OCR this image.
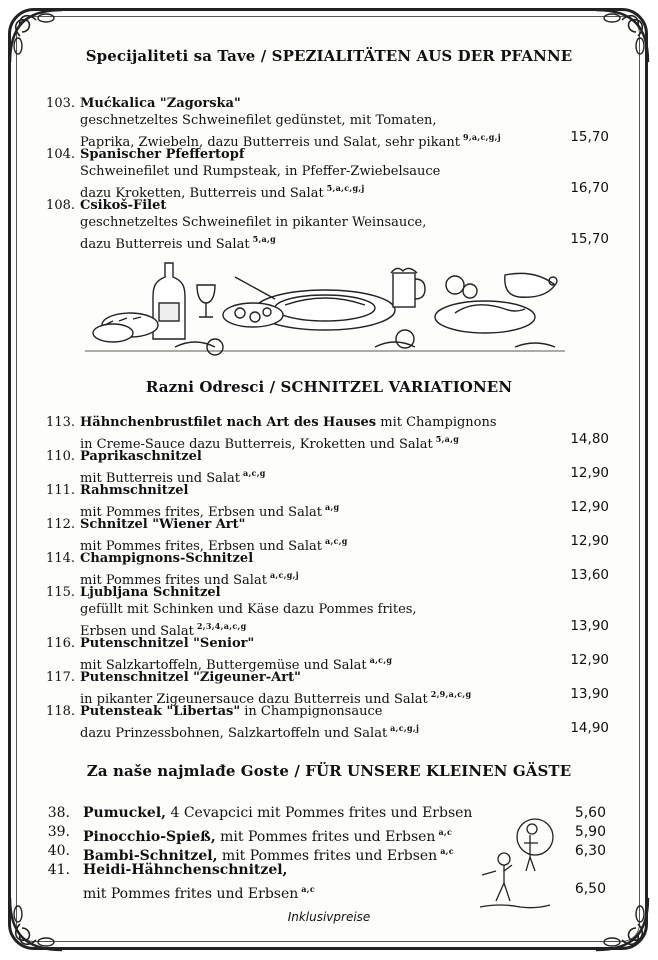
Specijaliteti sa Tave / SPEZIALITÄTEN AUS DER PFANNE
103. Mućkalica "Zagorska"
geschnetzeltes Schweinefilet gedünstet, mit Tomaten,
Paprika, Zwiebeln, dazu Butterreis und Salat, sehr pikant $^{9,a,c,g,j}$	15,70
104. Spanischer Pfeffertopf
Schweinefilet und Rumpsteak, in Pfeffer-Zwiebelsauce
dazu Kroketten, Butterreis und Salat $^{5,a,c,g,j}$	16,70
108. Csikoš-Filet
geschnetzeltes Schweinefilet in pikanter Weinsauce,
dazu Butterreis und Salat $^{5,a,g}$	15,70
Razni Odresci / SCHNITZEL VARIATIONEN
113. Hähnchenbrustfilet nach Art des Hauses mit Champignons
in Creme-Sauce dazu Butterreis, Kroketten und Salat $^{5,a,g}$	14,80
110. Paprikaschnitzel
mit Butterreis und Salat $^{a,c,g}$	12,90
111. Rahmschnitzel
mit Pommes frites, Erbsen und Salat $^{a,g}$	12,90
112. Schnitzel "Wiener Art"
mit Pommes frites, Erbsen und Salat $^{a,c,g}$	12,90
114. Champignons-Schnitzel
mit Pommes frites und Salat $^{a,c,g,j}$	13,60
115. Ljubljana Schnitzel
gefüllt mit Schinken und Käse dazu Pommes frites,
Erbsen und Salat $^{2,3,4,a,c,g}$	13,90
116. Putenschnitzel "Senior"
mit Salzkartoffeln, Buttergemüse und Salat $^{a,c,g}$	12,90
117. Putenschnitzel "Zigeuner-Art"
in pikanter Zigeunersauce dazu Butterreis und Salat $^{2,9,a,c,g}$	13,90
118. Putensteak "Libertas" in Champignonsauce
dazu Prinzessbohnen, Salzkartoffeln und Salat $^{a,c,g,j}$	14,90
Za naše najmlađe Goste / FÜR UNSERE KLEINEN GÄSTE
38. Pumuckel, 4 Cevapcici mit Pommes frites und Erbsen	5,60
39. Pinocchio-Spieß, mit Pommes frites und Erbsen $^{a,c}$	5,90
40. Bambi-Schnitzel, mit Pommes frites und Erbsen $^{a,c}$	6,30
41. Heidi-Hähnchenschnitzel,
mit Pommes frites und Erbsen $^{a,c}$	6,50
Inklusivpreise
